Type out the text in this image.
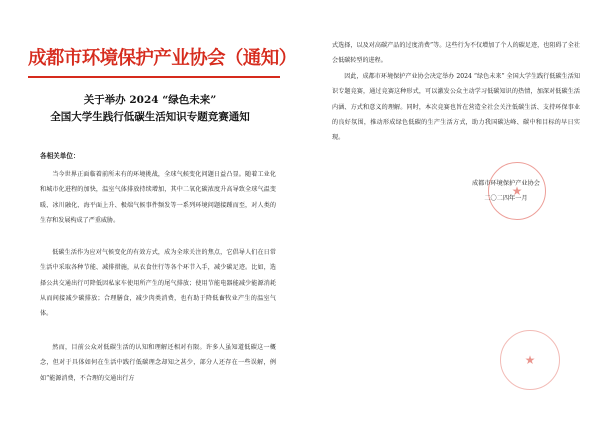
成都市环境保护产业协会（通知）
关于举办 2024 “绿色未来”
全国大学生践行低碳生活知识专题竞赛通知
各相关单位：
当今世界正面临着前所未有的环境挑战，全球气候变化问题日益凸显。随着工业化和城市化进程的加快，温室气体排放持续增加，其中二氧化碳浓度升高导致全球气温变暖、冰川融化、海平面上升、极端气候事件频发等一系列环境问题接踵而至，对人类的生存和发展构成了严重威胁。
低碳生活作为应对气候变化的有效方式，成为全球关注的焦点，它倡导人们在日常生活中采取各种节能、减排措施，从衣食住行等各个环节入手，减少碳足迹。比如，选择公共交通出行可降低因私家车使用所产生的尾气排放；使用节能电器能减少能源消耗从而间接减少碳排放；合理膳食，减少肉类消费，也有助于降低畜牧业产生的温室气体。
然而，目前公众对低碳生活的认知和理解还相对有限。许多人虽知道低碳这一概念，但对于具体如何在生活中践行低碳理念却知之甚少，部分人还存在一些误解，例如“能源消费，不合理的交通出行方
式选择，以及对高碳产品的过度消费”等。这些行为不仅增加了个人的碳足迹，也阻碍了全社会低碳转型的进程。
因此，成都市环境保护产业协会决定举办 2024 “绿色未来” 全国大学生践行低碳生活知识专题竞赛，通过竞赛这种形式，可以激发公众主动学习低碳知识的热情，加深对低碳生活内涵、方式和意义的理解。同时，本次竞赛也旨在营造全社会关注低碳生活、支持环保事业的良好氛围，推动形成绿色低碳的生产生活方式，助力我国碳达峰、碳中和目标的早日实现。
★
成都市环境保护产业协会
二〇二四年一月
★
